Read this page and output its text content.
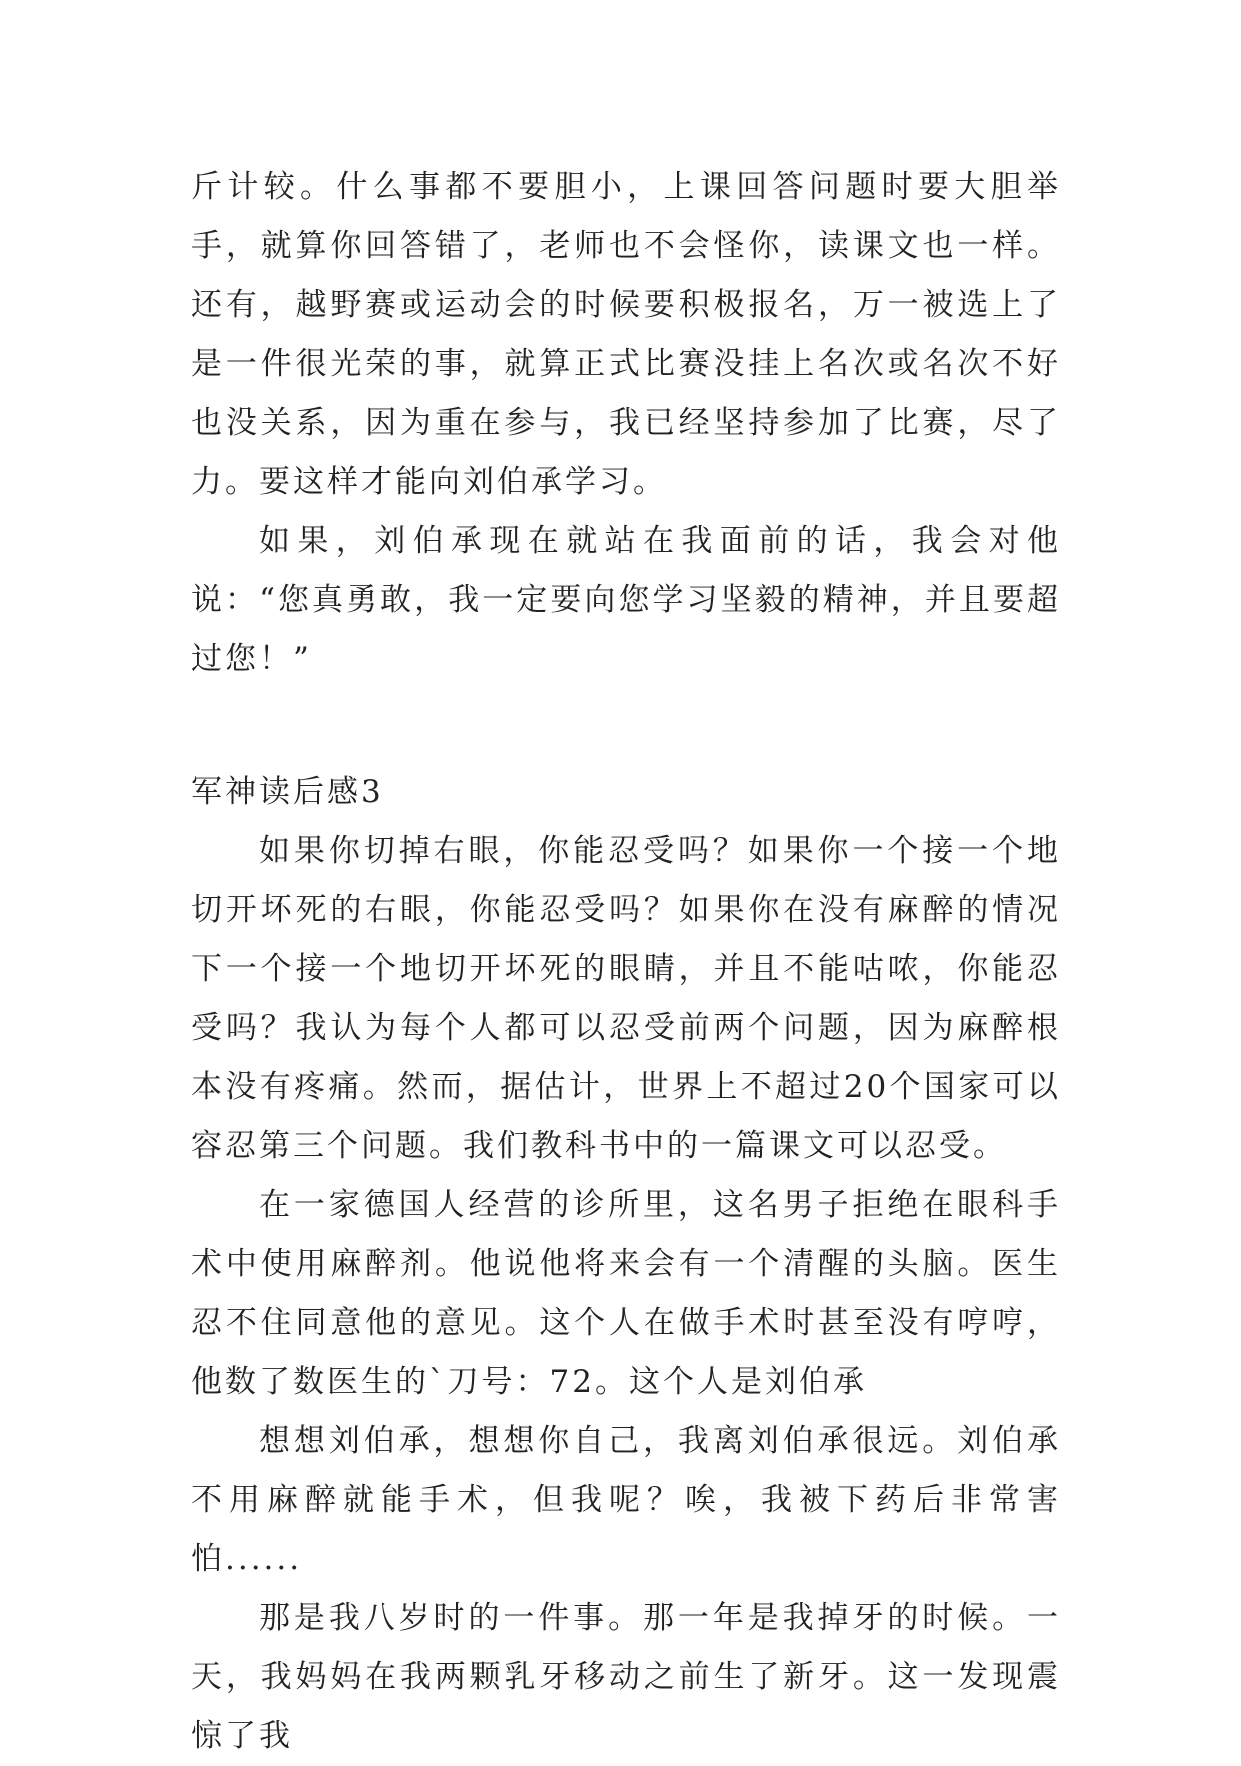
斤计较。什么事都不要胆小，上课回答问题时要大胆举手，就算你回答错了，老师也不会怪你，读课文也一样。还有，越野赛或运动会的时候要积极报名，万一被选上了是一件很光荣的事，就算正式比赛没挂上名次或名次不好也没关系，因为重在参与，我已经坚持参加了比赛，尽了力。要这样才能向刘伯承学习。

如果，刘伯承现在就站在我面前的话，我会对他说：“您真勇敢，我一定要向您学习坚毅的精神，并且要超过您！”

军神读后感3

如果你切掉右眼，你能忍受吗？如果你一个接一个地切开坏死的右眼，你能忍受吗？如果你在没有麻醉的情况下一个接一个地切开坏死的眼睛，并且不能咕哝，你能忍受吗？我认为每个人都可以忍受前两个问题，因为麻醉根本没有疼痛。然而，据估计，世界上不超过20个国家可以容忍第三个问题。我们教科书中的一篇课文可以忍受。

在一家德国人经营的诊所里，这名男子拒绝在眼科手术中使用麻醉剂。他说他将来会有一个清醒的头脑。医生忍不住同意他的意见。这个人在做手术时甚至没有哼哼，他数了数医生的`刀号：72。这个人是刘伯承

想想刘伯承，想想你自己，我离刘伯承很远。刘伯承不用麻醉就能手术，但我呢？唉，我被下药后非常害怕......

那是我八岁时的一件事。那一年是我掉牙的时候。一天，我妈妈在我两颗乳牙移动之前生了新牙。这一发现震惊了我
